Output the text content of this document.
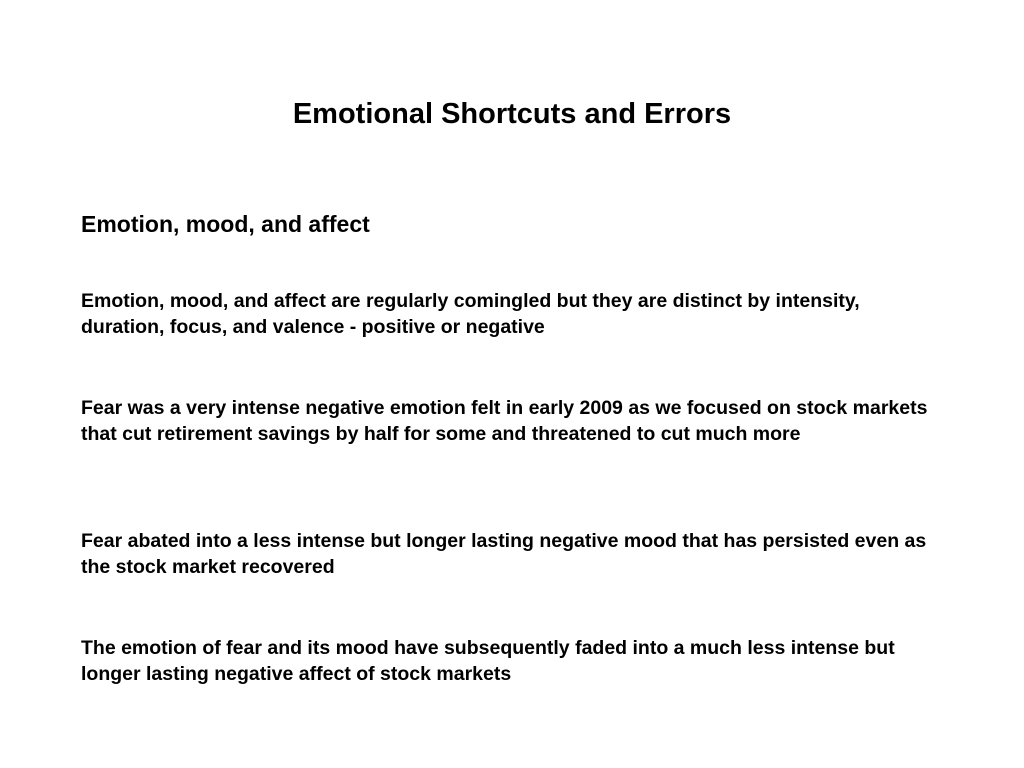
Emotional Shortcuts and Errors
Emotion, mood, and affect

Emotion, mood, and affect are regularly comingled but they are distinct by intensity, duration, focus, and valence - positive or negative

Fear was a very intense negative emotion felt in early 2009 as we focused on stock markets that cut retirement savings by half for some and threatened to cut much more

Fear abated into a less intense but longer lasting negative mood that has persisted even as the stock market recovered

The emotion of fear and its mood have subsequently faded into a much less intense but longer lasting negative affect of stock markets
